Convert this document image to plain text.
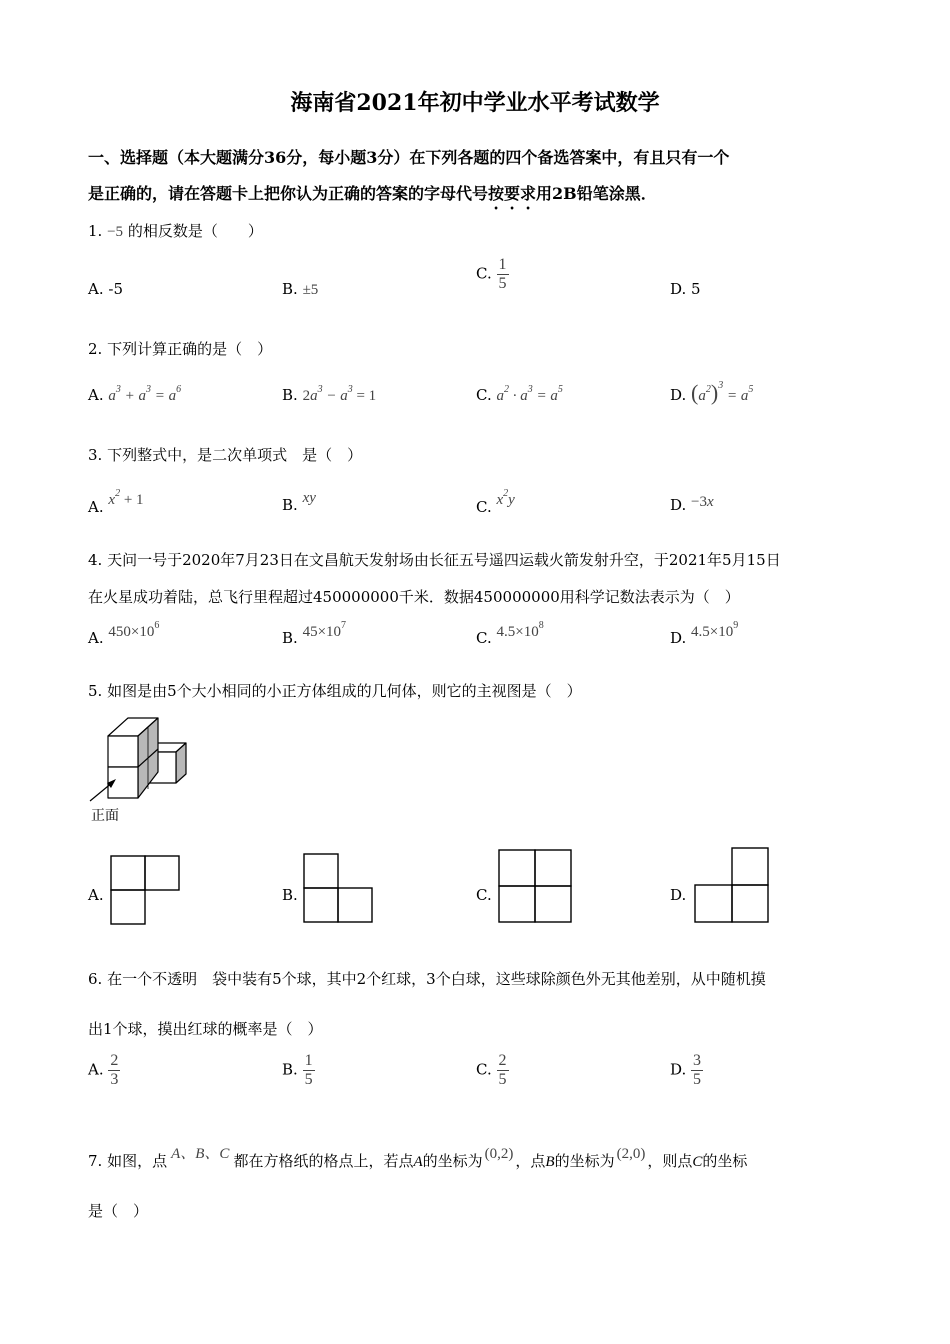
海南省2021年初中学业水平考试数学
一、选择题（本大题满分36分，每小题3分）在下列各题的四个备选答案中，有且只有一个
是正确的，请在答题卡上把你认为正确的答案的字母代号按要求用2B铅笔涂黑．
1. −5 的相反数是（　　）
A. -5	B. ±5
C. $\frac{1}{5}$	D. 5
2. 下列计算正确的是（　）
A. $a^3 + a^3 = a^6$	B. $2a^3 - a^3 = 1$	C. $a^2 \cdot a^3 = a^5$	D. $(a^2)^3 = a^5$
3. 下列整式中，是二次单项式　是（　）
A. $x^2 + 1$	B. xy	C. $x^2y$	D. −3x
4. 天问一号于2020年7月23日在文昌航天发射场由长征五号遥四运载火箭发射升空，于2021年5月15日
在火星成功着陆，总飞行里程超过450000000千米．数据450000000用科学记数法表示为（　）
A. $450\times 10^6$
B. $45\times 10^7$
C. $4.5\times 10^8$
D. $4.5\times 10^9$
5. 如图是由5个大小相同的小正方体组成的几何体，则它的主视图是（　）
正面
A.	B.	C.	D.
6. 在一个不透明　袋中装有5个球，其中2个红球，3个白球，这些球除颜色外无其他差别，从中随机摸
出1个球，摸出红球的概率是（　）
A. $\frac{2}{3}$	B. $\frac{1}{5}$	C. $\frac{2}{5}$	D. $\frac{3}{5}$
7. 如图，点 A、B、C 都在方格纸的格点上，若点A的坐标为 (0,2) ，点B的坐标为 (2,0) ，则点C的坐标
是（　）
